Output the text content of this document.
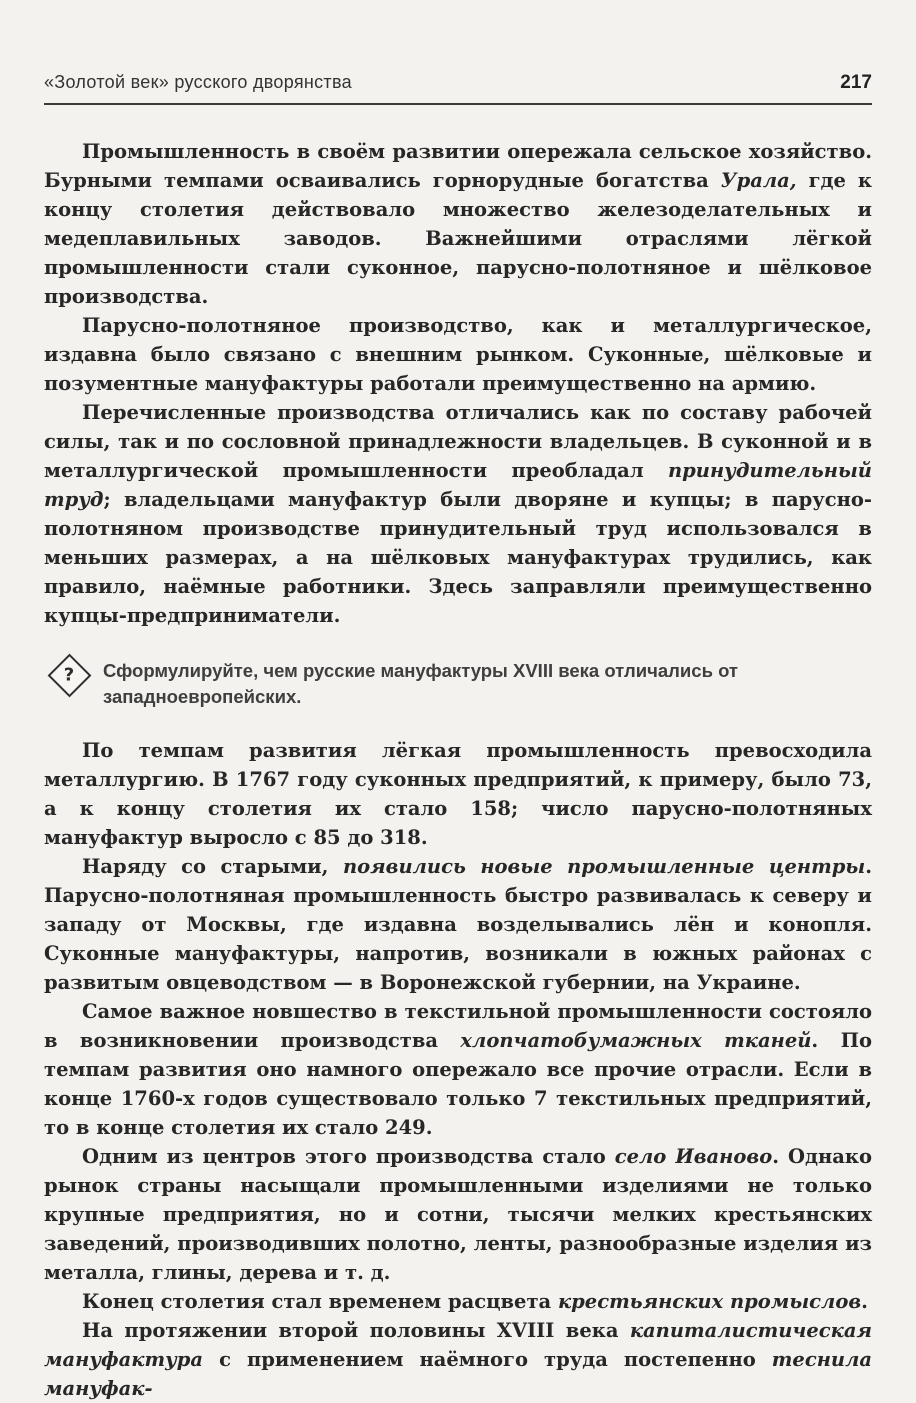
«Золотой век» русского дворянства	217

Промышленность в своём развитии опережала сельское хозяйство. Бурными темпами осваивались горнорудные богатства Урала, где к концу столетия действовало множество железоделательных и медеплавильных заводов. Важнейшими отраслями лёгкой промышленности стали суконное, парусно-полотняное и шёлковое производства.

Парусно-полотняное производство, как и металлургическое, издавна было связано с внешним рынком. Суконные, шёлковые и позументные мануфактуры работали преимущественно на армию.

Перечисленные производства отличались как по составу рабочей силы, так и по сословной принадлежности владельцев. В суконной и в металлургической промышленности преобладал принудительный труд; владельцами мануфактур были дворяне и купцы; в парусно-полотняном производстве принудительный труд использовался в меньших размерах, а на шёлковых мануфактурах трудились, как правило, наёмные работники. Здесь заправляли преимущественно купцы-предприниматели.

? Сформулируйте, чем русские мануфактуры XVIII века отличались от западноевропейских.

По темпам развития лёгкая промышленность превосходила металлургию. В 1767 году суконных предприятий, к примеру, было 73, а к концу столетия их стало 158; число парусно-полотняных мануфактур выросло с 85 до 318.

Наряду со старыми, появились новые промышленные центры. Парусно-полотняная промышленность быстро развивалась к северу и западу от Москвы, где издавна возделывались лён и конопля. Суконные мануфактуры, напротив, возникали в южных районах с развитым овцеводством — в Воронежской губернии, на Украине.

Самое важное новшество в текстильной промышленности состояло в возникновении производства хлопчатобумажных тканей. По темпам развития оно намного опережало все прочие отрасли. Если в конце 1760-х годов существовало только 7 текстильных предприятий, то в конце столетия их стало 249.

Одним из центров этого производства стало село Иваново. Однако рынок страны насыщали промышленными изделиями не только крупные предприятия, но и сотни, тысячи мелких крестьянских заведений, производивших полотно, ленты, разнообразные изделия из металла, глины, дерева и т. д.

Конец столетия стал временем расцвета крестьянских промыслов.

На протяжении второй половины XVIII века капиталистическая мануфактура с применением наёмного труда постепенно теснила мануфак-
